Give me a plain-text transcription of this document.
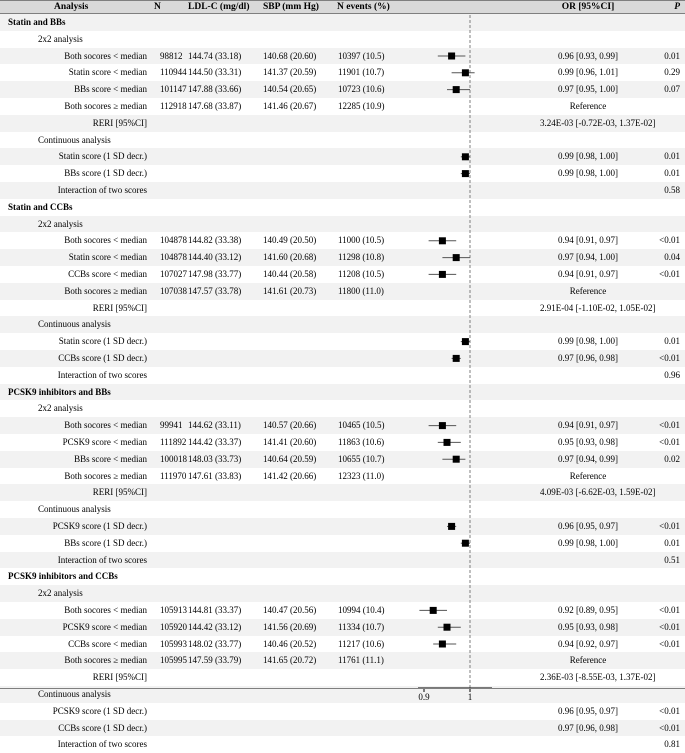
Analysis	N	LDL-C (mg/dl) SBP (mm Hg) N events (%)	OR [95%CI]	P
Statin and BBs
2x2 analysis
Both socores < median 98812 144.74 (33.18) 140.68 (20.60) 10397 (10.5)	0.96 [0.93, 0.99]	0.01
Statin score < median 110944 144.50 (33.31) 141.37 (20.59) 11901 (10.7)	0.99 [0.96, 1.01]	0.29
BBs score < median 101147 147.88 (33.66) 140.54 (20.65) 10723 (10.6)	0.97 [0.95, 1.00]	0.07
Both socores ≥ median 112918 147.68 (33.87) 141.46 (20.67) 12285 (10.9)	Reference
RERI [95%CI]	3.24E-03 [-0.72E-03, 1.37E-02]
Continuous analysis
Statin score (1 SD decr.)	0.99 [0.98, 1.00]	0.01
BBs score (1 SD decr.)	0.99 [0.98, 1.00]	0.01
Interaction of two scores	0.58
Statin and CCBs
2x2 analysis
Both socores < median 104878 144.82 (33.38) 140.49 (20.50) 11000 (10.5)	0.94 [0.91, 0.97]	<0.01
Statin score < median 104878 144.40 (33.12) 141.60 (20.68) 11298 (10.8)	0.97 [0.94, 1.00]	0.04
CCBs score < median 107027 147.98 (33.77) 140.44 (20.58) 11208 (10.5)	0.94 [0.91, 0.97]	<0.01
Both socores ≥ median 107038 147.57 (33.78) 141.61 (20.73) 11800 (11.0)	Reference
RERI [95%CI]	2.91E-04 [-1.10E-02, 1.05E-02]
Continuous analysis
Statin score (1 SD decr.)	0.99 [0.98, 1.00]	0.01
CCBs score (1 SD decr.)	0.97 [0.96, 0.98]	<0.01
Interaction of two scores	0.96
PCSK9 inhibitors and BBs
2x2 analysis
Both socores < median 99941 144.62 (33.11) 140.57 (20.66) 10465 (10.5)	0.94 [0.91, 0.97]	<0.01
PCSK9 score < median 111892 144.42 (33.37) 141.41 (20.60) 11863 (10.6)	0.95 [0.93, 0.98]	<0.01
BBs score < median 100018 148.03 (33.73) 140.64 (20.59) 10655 (10.7)	0.97 [0.94, 0.99]	0.02
Both socores ≥ median 111970 147.61 (33.83) 141.42 (20.66) 12323 (11.0)	Reference
RERI [95%CI]	4.09E-03 [-6.62E-03, 1.59E-02]
Continuous analysis
PCSK9 score (1 SD decr.)	0.96 [0.95, 0.97]	<0.01
BBs score (1 SD decr.)	0.99 [0.98, 1.00]	0.01
Interaction of two scores	0.51
PCSK9 inhibitors and CCBs
2x2 analysis
Both socores < median 105913 144.81 (33.37) 140.47 (20.56) 10994 (10.4)	0.92 [0.89, 0.95]	<0.01
PCSK9 score < median 105920 144.42 (33.12) 141.56 (20.69) 11334 (10.7)	0.95 [0.93, 0.98]	<0.01
CCBs score < median 105993 148.02 (33.77) 140.46 (20.52) 11217 (10.6)	0.94 [0.92, 0.97]	<0.01
Both socores ≥ median 105995 147.59 (33.79) 141.65 (20.72) 11761 (11.1)	Reference
RERI [95%CI]	2.36E-03 [-8.55E-03, 1.37E-02]
Continuous analysis
PCSK9 score (1 SD decr.)	0.96 [0.95, 0.97]	<0.01
CCBs score (1 SD decr.)	0.97 [0.96, 0.98]	<0.01
Interaction of two scores	0.81
0.9	1
